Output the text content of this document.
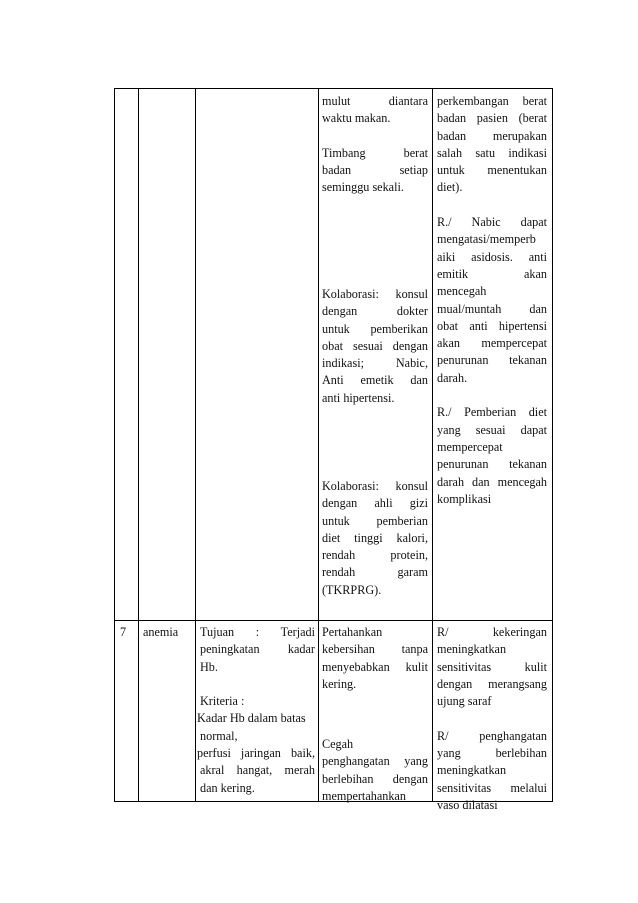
mulut diantara
waktu makan.
Timbang berat
badan setiap
seminggu sekali.
Kolaborasi: konsul
dengan dokter
untuk pemberikan
obat sesuai dengan
indikasi; Nabic,
Anti emetik dan
anti hipertensi.
Kolaborasi: konsul
dengan ahli gizi
untuk pemberian
diet tinggi kalori,
rendah protein,
rendah garam
(TKRPRG).
perkembangan berat
badan pasien (berat
badan merupakan
salah satu indikasi
untuk menentukan
diet).
R./ Nabic dapat
mengatasi/memperb
aiki asidosis. anti
emitik akan
mencegah
mual/muntah dan
obat anti hipertensi
akan mempercepat
penurunan tekanan
darah.
R./ Pemberian diet
yang sesuai dapat
mempercepat
penurunan tekanan
darah dan mencegah
komplikasi
7	anemia	Tujuan : Terjadi
peningkatan kadar
Hb.
Kriteria :
Kadar Hb dalam batas
normal,
perfusi jaringan baik,
akral hangat, merah
dan kering.
Pertahankan
kebersihan tanpa
menyebabkan kulit
kering.
Cegah
penghangatan yang
berlebihan dengan
mempertahankan
R/ kekeringan
meningkatkan
sensitivitas kulit
dengan merangsang
ujung saraf
R/ penghangatan
yang berlebihan
meningkatkan
sensitivitas melalui
vaso dilatasi
